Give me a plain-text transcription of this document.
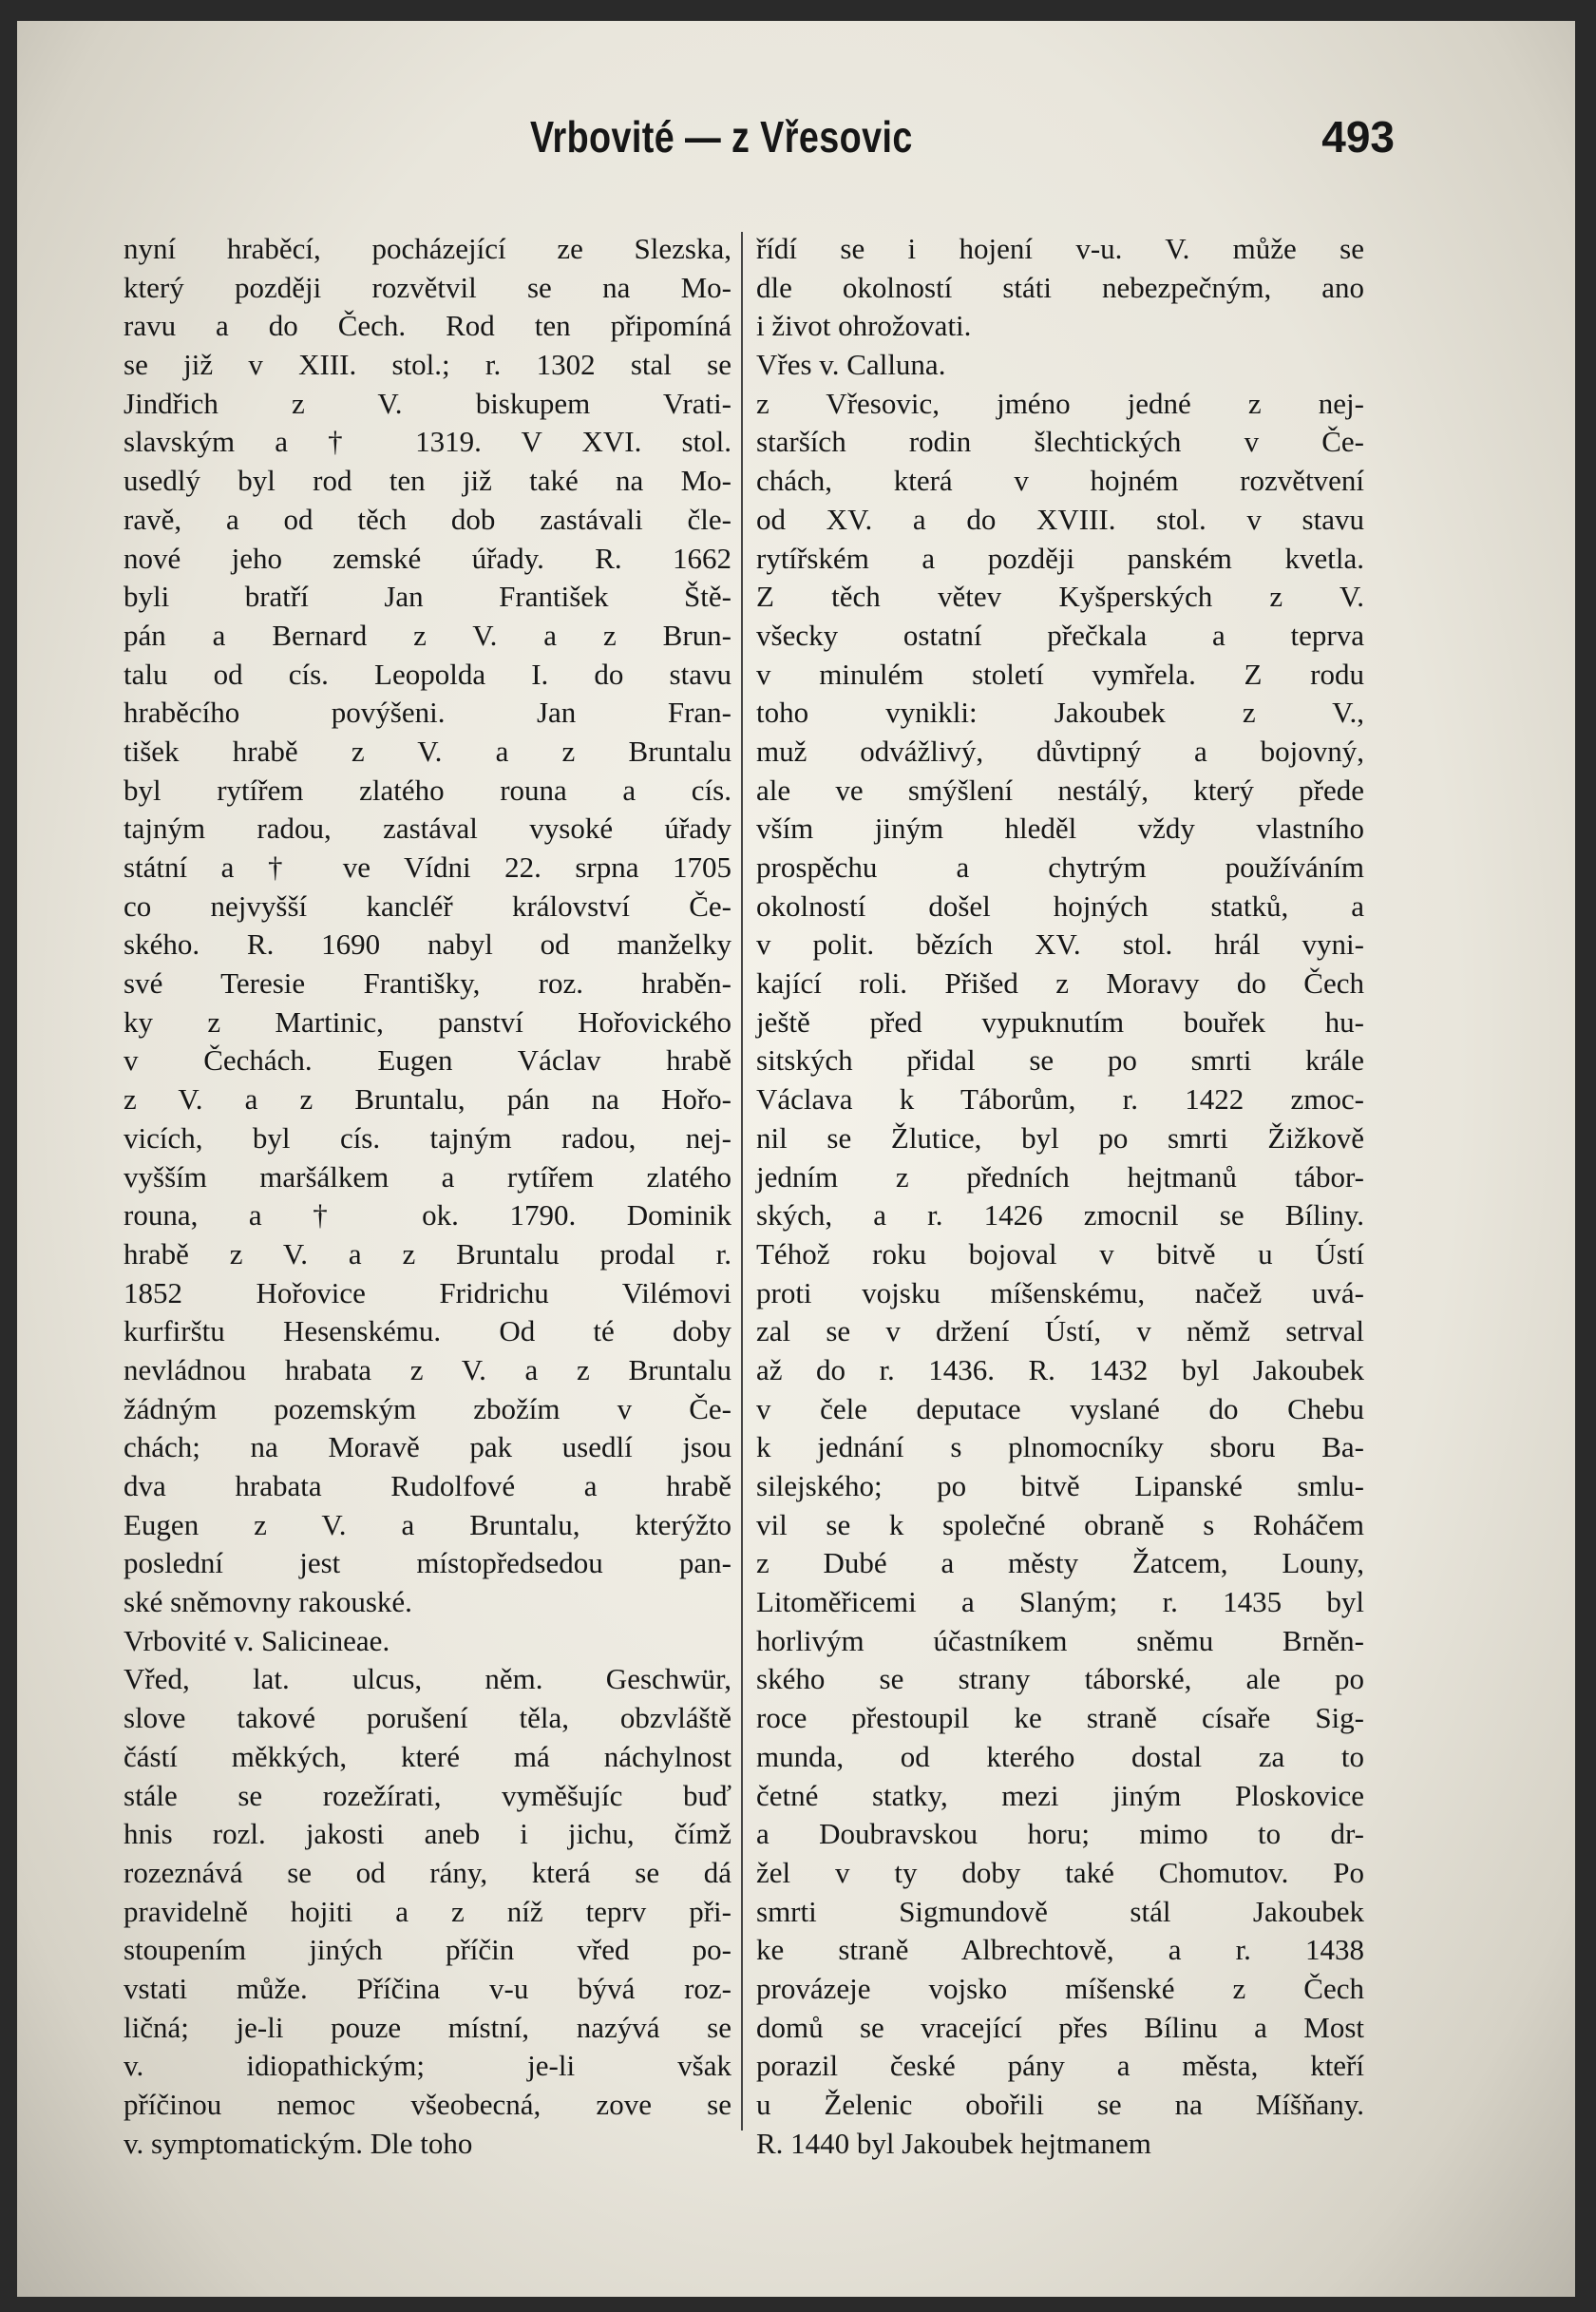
Vrbovité — z Vřesovic	493
nyní hraběcí, pocházející ze Slezska,
který později rozvětvil se na Mo-
ravu a do Čech. Rod ten připomíná
se již v XIII. stol.; r. 1302 stal se
Jindřich z V. biskupem Vrati-
slavským a † 1319. V XVI. stol.
usedlý byl rod ten již také na Mo-
ravě, a od těch dob zastávali čle-
nové jeho zemské úřady. R. 1662
byli bratří Jan František Ště-
pán a Bernard z V. a z Brun-
talu od cís. Leopolda I. do stavu
hraběcího povýšeni. Jan Fran-
tišek hrabě z V. a z Bruntalu
byl rytířem zlatého rouna a cís.
tajným radou, zastával vysoké úřady
státní a † ve Vídni 22. srpna 1705
co nejvyšší kancléř království Če-
ského. R. 1690 nabyl od manželky
své Teresie Františky, roz. hraběn-
ky z Martinic, panství Hořovického
v Čechách. Eugen Václav hrabě
z V. a z Bruntalu, pán na Hořo-
vicích, byl cís. tajným radou, nej-
vyšším maršálkem a rytířem zlatého
rouna, a † ok. 1790. Dominik
hrabě z V. a z Bruntalu prodal r.
1852 Hořovice Fridrichu Vilémovi
kurfirštu Hesenskému. Od té doby
nevládnou hrabata z V. a z Bruntalu
žádným pozemským zbožím v Če-
chách; na Moravě pak usedlí jsou
dva hrabata Rudolfové a hrabě
Eugen z V. a Bruntalu, kterýžto
poslední jest místopředsedou pan-
ské sněmovny rakouské.
Vrbovité v. Salicineae.
Vřed, lat. ulcus, něm. Geschwür,
slove takové porušení těla, obzvláště
částí měkkých, které má náchylnost
stále se rozežírati, vyměšujíc buď
hnis rozl. jakosti aneb i jichu, čímž
rozeznává se od rány, která se dá
pravidelně hojiti a z níž teprv při-
stoupením jiných příčin vřed po-
vstati může. Příčina v-u bývá roz-
ličná; je-li pouze místní, nazývá se
v. idiopathickým; je-li však
příčinou nemoc všeobecná, zove se
v. symptomatickým. Dle toho
řídí se i hojení v-u. V. může se
dle okolností státi nebezpečným, ano
i život ohrožovati.
Vřes v. Calluna.
z Vřesovic, jméno jedné z nej-
starších rodin šlechtických v Če-
chách, která v hojném rozvětvení
od XV. a do XVIII. stol. v stavu
rytířském a později panském kvetla.
Z těch větev Kyšperských z V.
všecky ostatní přečkala a teprva
v minulém století vymřela. Z rodu
toho vynikli: Jakoubek z V.,
muž odvážlivý, důvtipný a bojovný,
ale ve smýšlení nestálý, který přede
vším jiným hleděl vždy vlastního
prospěchu a chytrým používáním
okolností došel hojných statků, a
v polit. bězích XV. stol. hrál vyni-
kající roli. Přišed z Moravy do Čech
ještě před vypuknutím bouřek hu-
sitských přidal se po smrti krále
Václava k Táborům, r. 1422 zmoc-
nil se Žlutice, byl po smrti Žižkově
jedním z předních hejtmanů tábor-
ských, a r. 1426 zmocnil se Bíliny.
Téhož roku bojoval v bitvě u Ústí
proti vojsku míšenskému, načež uvá-
zal se v držení Ústí, v němž setrval
až do r. 1436. R. 1432 byl Jakoubek
v čele deputace vyslané do Chebu
k jednání s plnomocníky sboru Ba-
silejského; po bitvě Lipanské smlu-
vil se k společné obraně s Roháčem
z Dubé a městy Žatcem, Louny,
Litoměřicemi a Slaným; r. 1435 byl
horlivým účastníkem sněmu Brněn-
ského se strany táborské, ale po
roce přestoupil ke straně císaře Sig-
munda, od kterého dostal za to
četné statky, mezi jiným Ploskovice
a Doubravskou horu; mimo to dr-
žel v ty doby také Chomutov. Po
smrti Sigmundově stál Jakoubek
ke straně Albrechtově, a r. 1438
provázeje vojsko míšenské z Čech
domů se vracející přes Bílinu a Most
porazil české pány a města, kteří
u Želenic obořili se na Míšňany.
R. 1440 byl Jakoubek hejtmanem
